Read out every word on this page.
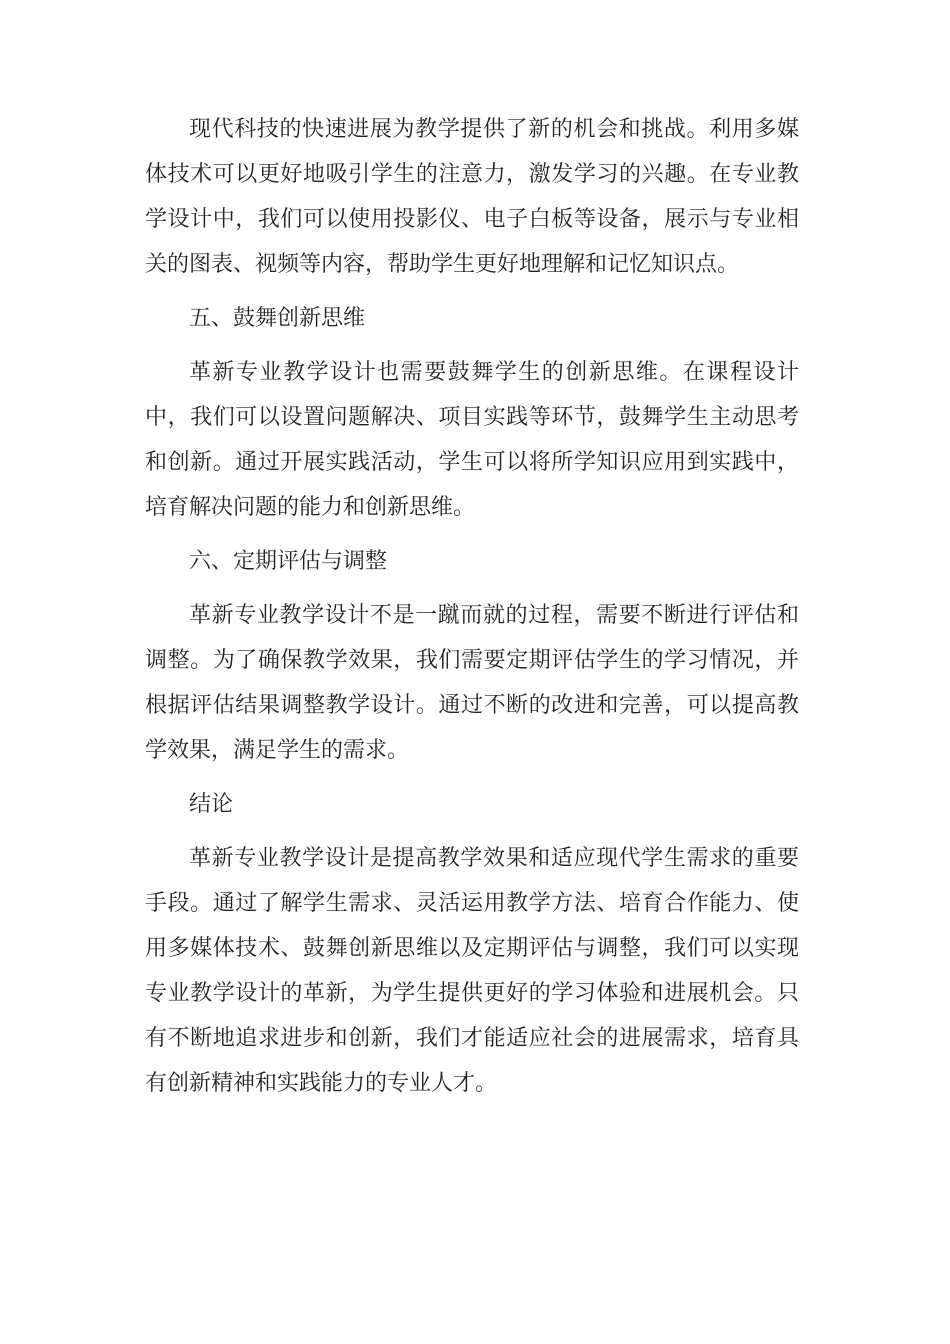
现代科技的快速进展为教学提供了新的机会和挑战。利用多媒体技术可以更好地吸引学生的注意力，激发学习的兴趣。在专业教学设计中，我们可以使用投影仪、电子白板等设备，展示与专业相关的图表、视频等内容，帮助学生更好地理解和记忆知识点。

五、鼓舞创新思维

革新专业教学设计也需要鼓舞学生的创新思维。在课程设计中，我们可以设置问题解决、项目实践等环节，鼓舞学生主动思考和创新。通过开展实践活动，学生可以将所学知识应用到实践中，培育解决问题的能力和创新思维。

六、定期评估与调整

革新专业教学设计不是一蹴而就的过程，需要不断进行评估和调整。为了确保教学效果，我们需要定期评估学生的学习情况，并根据评估结果调整教学设计。通过不断的改进和完善，可以提高教学效果，满足学生的需求。

结论

革新专业教学设计是提高教学效果和适应现代学生需求的重要手段。通过了解学生需求、灵活运用教学方法、培育合作能力、使用多媒体技术、鼓舞创新思维以及定期评估与调整，我们可以实现专业教学设计的革新，为学生提供更好的学习体验和进展机会。只有不断地追求进步和创新，我们才能适应社会的进展需求，培育具有创新精神和实践能力的专业人才。
